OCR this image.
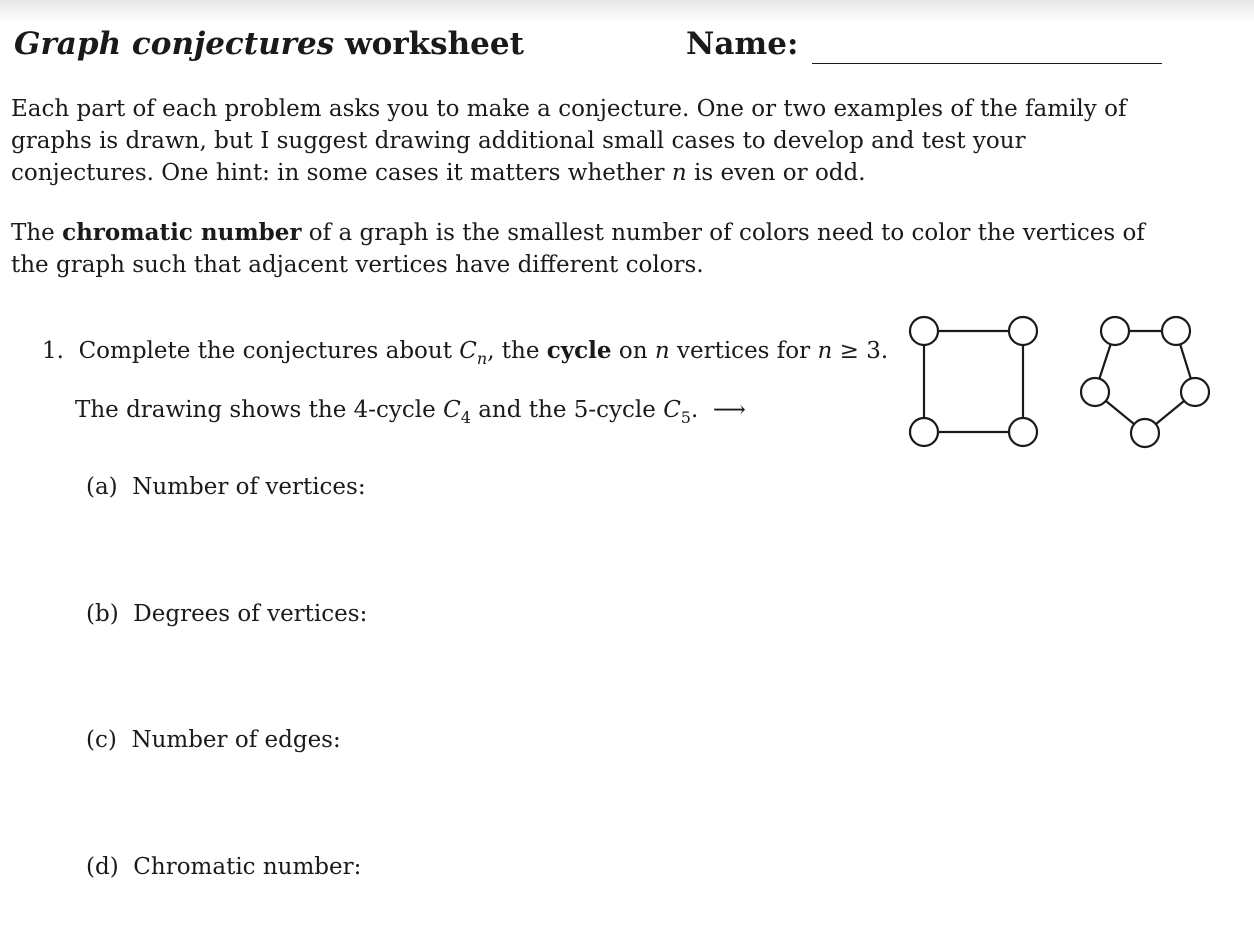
Graph conjectures worksheet	Name:

Each part of each problem asks you to make a conjecture. One or two examples of the family of graphs is drawn, but I suggest drawing additional small cases to develop and test your conjectures. One hint: in some cases it matters whether n is even or odd.

The chromatic number of a graph is the smallest number of colors need to color the vertices of the graph such that adjacent vertices have different colors.

1. Complete the conjectures about $C_n$, the cycle on n vertices for n ≥ 3.
The drawing shows the 4-cycle $C_4$ and the 5-cycle $C_5$. ⟶
(a) Number of vertices:
(b) Degrees of vertices:
(c) Number of edges:
(d) Chromatic number:
